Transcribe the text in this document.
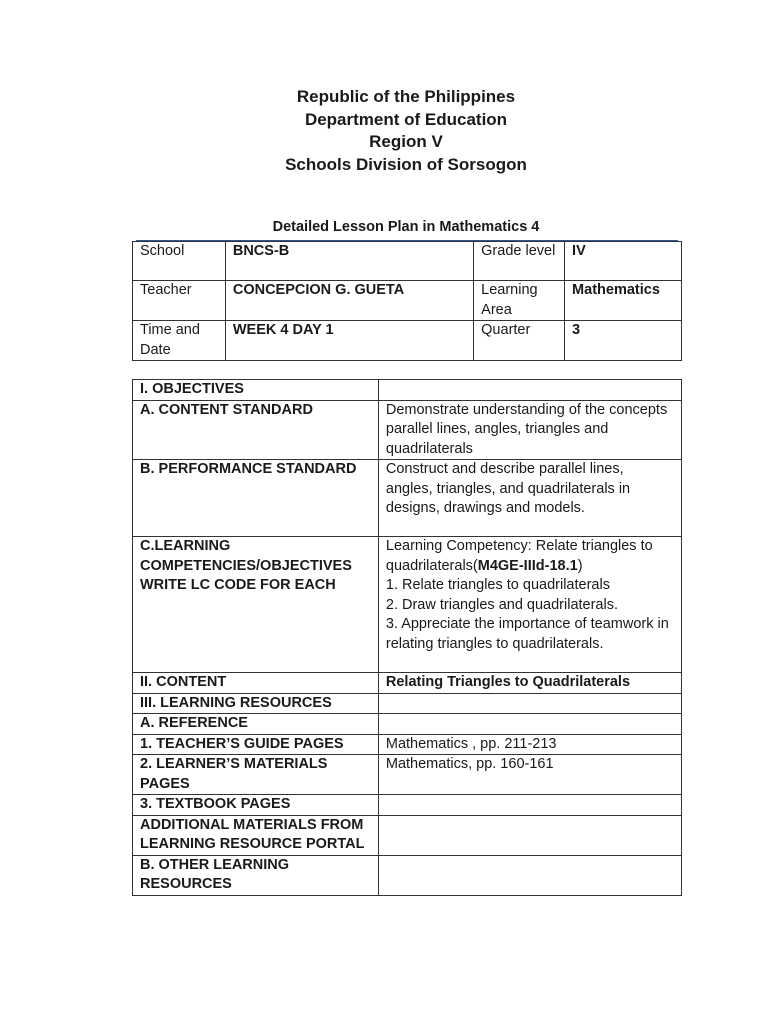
Republic of the Philippines
Department of Education
Region V
Schools Division of Sorsogon
Detailed Lesson Plan in Mathematics 4
School	BNCS-B	Grade level	IV
Teacher	CONCEPCION G. GUETA	Learning Area	Mathematics
Time and Date	WEEK 4 DAY 1	Quarter	3
I. OBJECTIVES	
A. CONTENT STANDARD	Demonstrate understanding of the concepts parallel lines, angles, triangles and quadrilaterals
B. PERFORMANCE STANDARD	Construct and describe parallel lines, angles, triangles, and quadrilaterals in designs, drawings and models.
C.LEARNING COMPETENCIES/OBJECTIVES WRITE LC CODE FOR EACH	Learning Competency: Relate triangles to quadrilaterals(M4GE-IIId-18.1)
1. Relate triangles to quadrilaterals
2. Draw triangles and quadrilaterals.
3. Appreciate the importance of teamwork in relating triangles to quadrilaterals.

II. CONTENT	Relating Triangles to Quadrilaterals
III. LEARNING RESOURCES	
A. REFERENCE	
1. TEACHER’S GUIDE PAGES	Mathematics , pp. 211-213
2. LEARNER’S MATERIALS PAGES	Mathematics, pp. 160-161
3. TEXTBOOK PAGES	
ADDITIONAL MATERIALS FROM LEARNING RESOURCE PORTAL	
B. OTHER LEARNING RESOURCES	
